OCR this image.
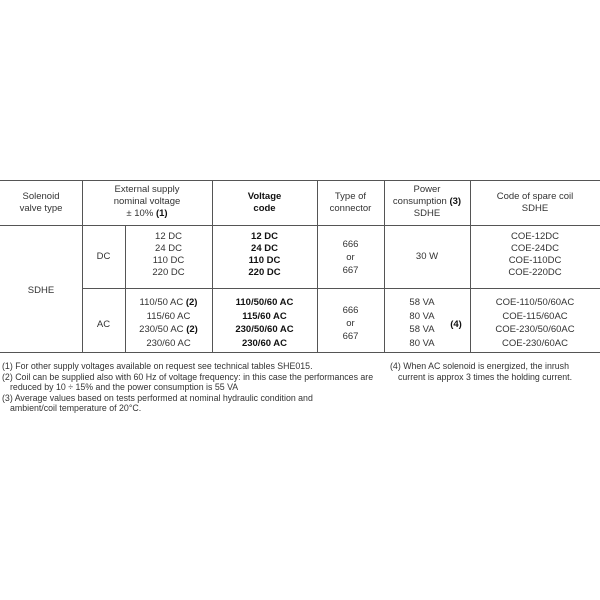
Solenoid
valve type
External supply
nominal voltage
± 10% (1)
Voltage
code
Type of
connector
Power
consumption (3)
SDHE
Code of spare coil
SDHE
SDHE
DC
12 DC
24 DC
110 DC
220 DC
12 DC
24 DC
110 DC
220 DC
666
or
667
30 W
COE-12DC
COE-24DC
COE-110DC
COE-220DC
AC
110/50 AC (2)
115/60 AC
230/50 AC (2)
230/60 AC
110/50/60 AC
115/60 AC
230/50/60 AC
230/60 AC
666
or
667
58 VA
80 VA
58 VA
80 VA
(4)
COE-110/50/60AC
COE-115/60AC
COE-230/50/60AC
COE-230/60AC

(1) For other supply voltages available on request see technical tables SHE015.

(2) Coil can be supplied also with 60 Hz of voltage frequency: in this case the performances are

reduced by 10 ÷ 15% and the power consumption is 55 VA

(3) Average values based on tests performed at nominal hydraulic condition and

ambient/coil temperature of 20°C.

(4) When AC solenoid is energized, the inrush

current is approx 3 times the holding current.
